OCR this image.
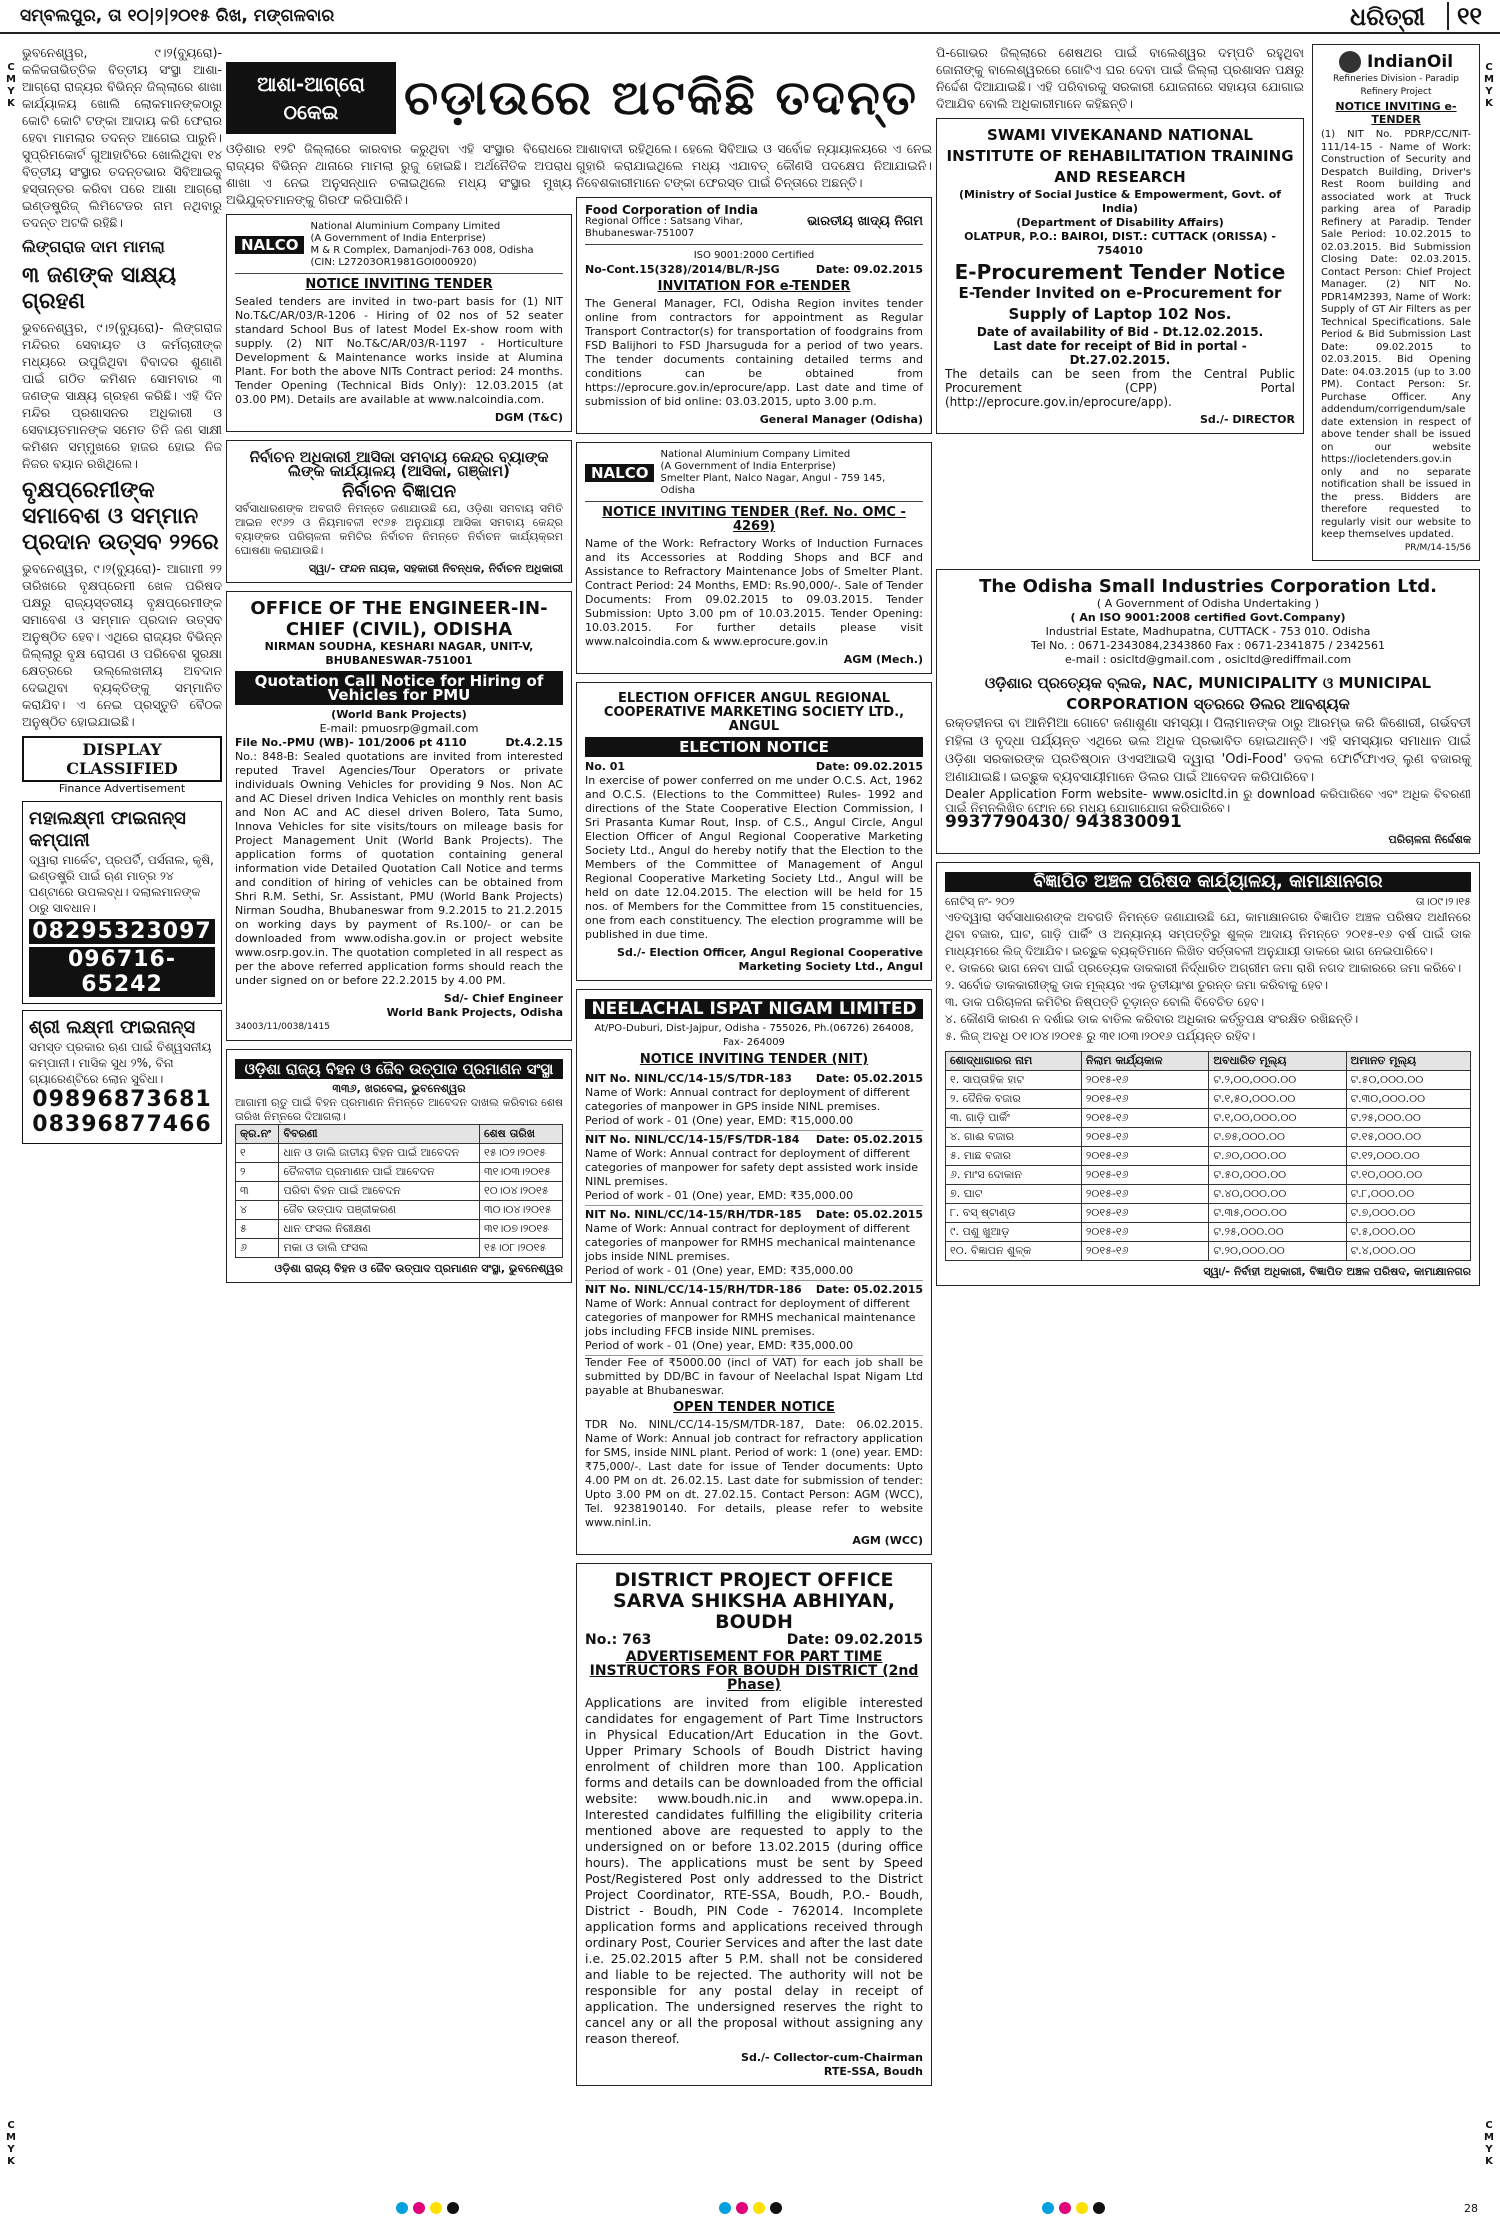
ସମ୍ବଲପୁର, ତା ୧୦|୨|୨୦୧୫ ରିଖ, ମଙ୍ଗଳବାର	ଧରିତ୍ରୀ	୧୧
C
M
Y
K
C
M
Y
K
C
M
Y
K
C
M
Y
K
ଆଶା-ଆଗ୍ରୋ
ଠକେଇ ଚଡ଼ାଉରେ ଅଟକିଛି ତଦନ୍ତ

ଭୁବନେଶ୍ୱର, ୯।୨(ବ୍ୟୁରୋ)- କଳିକତାଭିତ୍ତିକ ବିତ୍ତୀୟ ସଂସ୍ଥା ଆଶା-ଆଗ୍ରୋ ରାଜ୍ୟର ବିଭିନ୍ନ ଜିଲ୍ଲାରେ ଶାଖା କାର୍ଯ୍ୟାଳୟ ଖୋଲି ଲୋକମାନଙ୍କଠାରୁ କୋଟି କୋଟି ଟଙ୍କା ଆଦାୟ କରି ଫେରାର ହେବା ମାମଲାର ତଦନ୍ତ ଆଗେଇ ପାରୁନି। ସୁପ୍ରିମକୋର୍ଟ ଗୁଆହାଟିରେ ଖୋଲିଥିବା ୧୪ ବିତ୍ତୀୟ ସଂସ୍ଥାର ତଦନ୍ତଭାର ସିବିଆଇକୁ ହସ୍ତାନ୍ତର କରିବା ପରେ ଆଶା ଆଗ୍ରୋ ଇଣ୍ଡଷ୍ଟ୍ରିଜ୍ ଲିମିଟେଡର ନାମ ନଥିବାରୁ ତଦନ୍ତ ଅଟକି ରହିଛି।

ଲିଙ୍ଗରାଜ ଦାମ ମାମଲା
୩ ଜଣଙ୍କ ସାକ୍ଷ୍ୟ ଗ୍ରହଣ

ଭୁବନେଶ୍ୱର, ୯।୨(ବ୍ୟୁରୋ)- ଲିଙ୍ଗରାଜ ମନ୍ଦିରର ସେବାୟତ ଓ କର୍ମଚାରୀଙ୍କ ମଧ୍ୟରେ ଉପୁଜିଥିବା ବିବାଦର ଶୁଣାଣି ପାଇଁ ଗଠିତ କମିଶନ ସୋମବାର ୩ ଜଣଙ୍କ ସାକ୍ଷ୍ୟ ଗ୍ରହଣ କରିଛି। ଏହି ଦିନ ମନ୍ଦିର ପ୍ରଶାସନର ଅଧିକାରୀ ଓ ସେବାୟତମାନଙ୍କ ସମେତ ତିନି ଜଣ ସାକ୍ଷୀ କମିଶନ ସମ୍ମୁଖରେ ହାଜର ହୋଇ ନିଜ ନିଜର ବୟାନ ରଖିଥିଲେ।

ବୃକ୍ଷପ୍ରେମୀଙ୍କ ସମାବେଶ ଓ ସମ୍ମାନ ପ୍ରଦାନ ଉତ୍ସବ ୨୨ରେ

ଭୁବନେଶ୍ୱର, ୯।୨(ବ୍ୟୁରୋ)- ଆଗାମୀ ୨୨ ତାରିଖରେ ବୃକ୍ଷପ୍ରେମୀ ଖେଳ ପରିଷଦ ପକ୍ଷରୁ ରାଜ୍ୟସ୍ତରୀୟ ବୃକ୍ଷପ୍ରେମୀଙ୍କ ସମାବେଶ ଓ ସମ୍ମାନ ପ୍ରଦାନ ଉତ୍ସବ ଅନୁଷ୍ଠିତ ହେବ। ଏଥିରେ ରାଜ୍ୟର ବିଭିନ୍ନ ଜିଲ୍ଲାରୁ ବୃକ୍ଷ ରୋପଣ ଓ ପରିବେଶ ସୁରକ୍ଷା କ୍ଷେତ୍ରରେ ଉଲ୍ଲେଖନୀୟ ଅବଦାନ ଦେଇଥିବା ବ୍ୟକ୍ତିଙ୍କୁ ସମ୍ମାନିତ କରାଯିବ। ଏ ନେଇ ପ୍ରସ୍ତୁତି ବୈଠକ ଅନୁଷ୍ଠିତ ହୋଇଯାଇଛି।

DISPLAY CLASSIFIED
Finance Advertisement
ମହାଲକ୍ଷ୍ମୀ ଫାଇନାନ୍ସ କମ୍ପାନୀ
ଦ୍ୱାରା ମାର୍କେଟ, ପ୍ରପର୍ଟି, ପର୍ସନାଲ, କୃଷି, ଇଣ୍ଡଷ୍ଟ୍ରି ପାଇଁ ଋଣ ମାତ୍ର ୨୪ ଘଣ୍ଟାରେ ଉପଲବ୍ଧ। ଦଲାଲମାନଙ୍କ ଠାରୁ ସାବଧାନ।
08295323097
096716-65242
ଶ୍ରୀ ଲକ୍ଷ୍ମୀ ଫାଇନାନ୍ସ
ସମସ୍ତ ପ୍ରକାର ଋଣ ପାଇଁ ବିଶ୍ୱସନୀୟ କମ୍ପାନୀ। ମାସିକ ସୁଧ ୨%, ବିନା ଗ୍ୟାରେଣ୍ଟିରେ ଲୋନ ସୁବିଧା।
09896873681
08396877466

ଓଡ଼ିଶାର ୧୨ଟି ଜିଲ୍ଲାରେ କାରବାର କରୁଥିବା ଏହି ସଂସ୍ଥାର ବିରୋଧରେ ରାଜ୍ୟର ବିଭିନ୍ନ ଥାନାରେ ମାମଲା ରୁଜୁ ହୋଇଛି। ଅର୍ଥନୈତିକ ଅପରାଧ ଶାଖା ଏ ନେଇ ଅନୁସନ୍ଧାନ ଚଳାଇଥିଲେ ମଧ୍ୟ ସଂସ୍ଥାର ମୁଖ୍ୟ ଅଭିଯୁକ୍ତମାନଙ୍କୁ ଗିରଫ କରିପାରିନି।

NALCO
National Aluminium Company Limited
(A Government of India Enterprise)
M & R Complex, Damanjodi-763 008, Odisha
(CIN: L27203OR1981GOI000920)
NOTICE INVITING TENDER
Sealed tenders are invited in two-part basis for (1) NIT No.T&C/AR/03/R-1206 - Hiring of 02 nos of 52 seater standard School Bus of latest Model Ex-show room with supply. (2) NIT No.T&C/AR/03/R-1197 - Horticulture Development & Maintenance works inside at Alumina Plant. For both the above NITs Contract period: 24 months. Tender Opening (Technical Bids Only): 12.03.2015 (at 03.00 PM). Details are available at www.nalcoindia.com.
DGM (T&C)
ନିର୍ବାଚନ ଅଧିକାରୀ ଆସିକା ସମବାୟ କେନ୍ଦ୍ର ବ୍ୟାଙ୍କ ଲିଙ୍କ କାର୍ଯ୍ୟାଳୟ (ଆସିକା, ଗଞ୍ଜାମ)
ନିର୍ବାଚନ ବିଜ୍ଞାପନ
ସର୍ବସାଧାରଣଙ୍କ ଅବଗତି ନିମନ୍ତେ ଜଣାଯାଉଛି ଯେ, ଓଡ଼ିଶା ସମବାୟ ସମିତି ଆଇନ ୧୯୬୨ ଓ ନିୟମାବଳୀ ୧୯୬୫ ଅନୁଯାୟୀ ଆସିକା ସମବାୟ କେନ୍ଦ୍ର ବ୍ୟାଙ୍କର ପରିଚାଳନା କମିଟିର ନିର୍ବାଚନ ନିମନ୍ତେ ନିର୍ବାଚନ କାର୍ଯ୍ୟକ୍ରମ ଘୋଷଣା କରାଯାଉଛି।
ସ୍ୱା/- ଫନ୍ଦନ ନାୟକ, ସହକାରୀ ନିବନ୍ଧକ, ନିର୍ବାଚନ ଅଧିକାରୀ
OFFICE OF THE ENGINEER-IN-CHIEF (CIVIL), ODISHA
NIRMAN SOUDHA, KESHARI NAGAR, UNIT-V, BHUBANESWAR-751001
Quotation Call Notice for Hiring of Vehicles for PMU
(World Bank Projects)
E-mail: pmuosrp@gmail.com
File No.-PMU (WB)- 101/2006 pt 4110	Dt.4.2.15
No.: 848-B: Sealed quotations are invited from interested reputed Travel Agencies/Tour Operators or private individuals Owning Vehicles for providing 9 Nos. Non AC and AC Diesel driven Indica Vehicles on monthly rent basis and Non AC and AC diesel driven Bolero, Tata Sumo, Innova Vehicles for site visits/tours on mileage basis for Project Management Unit (World Bank Projects). The application forms of quotation containing general information vide Detailed Quotation Call Notice and terms and condition of hiring of vehicles can be obtained from Shri R.M. Sethi, Sr. Assistant, PMU (World Bank Projects) Nirman Soudha, Bhubaneswar from 9.2.2015 to 21.2.2015 on working days by payment of Rs.100/- or can be downloaded from www.odisha.gov.in or project website www.osrp.gov.in. The quotation completed in all respect as per the above referred application forms should reach the under signed on or before 22.2.2015 by 4.00 PM.
Sd/- Chief Engineer
World Bank Projects, Odisha
34003/11/0038/1415
ଓଡ଼ିଶା ରାଜ୍ୟ ବିହନ ଓ ଜୈବ ଉତ୍ପାଦ ପ୍ରମାଣନ ସଂସ୍ଥା
୩୩୬, ଖରବେଳା, ଭୁବନେଶ୍ୱର
ଆଗାମୀ ଋତୁ ପାଇଁ ବିହନ ପ୍ରମାଣନ ନିମନ୍ତେ ଆବେଦନ ଦାଖଲ କରିବାର ଶେଷ ତାରିଖ ନିମ୍ନରେ ଦିଆଗଲା।
କ୍ର.ନଂ	ବିବରଣୀ	ଶେଷ ତାରିଖ
୧	ଧାନ ଓ ଡାଲି ଜାତୀୟ ବିହନ ପାଇଁ ଆବେଦନ	୧୫।୦୨।୨୦୧୫
୨	ତୈଳବୀଜ ପ୍ରମାଣନ ପାଇଁ ଆବେଦନ	୩୧।୦୩।୨୦୧୫
୩	ପରିବା ବିହନ ପାଇଁ ଆବେଦନ	୧୦।୦୪।୨୦୧୫
୪	ଜୈବ ଉତ୍ପାଦ ପଞ୍ଜୀକରଣ	୩୦।୦୪।୨୦୧୫
୫	ଧାନ ଫସଲ ନିରୀକ୍ଷଣ	୩୧।୦୭।୨୦୧୫
୬	ମକା ଓ ଡାଲି ଫସଲ	୧୫।୦୮।୨୦୧୫
ଓଡ଼ିଶା ରାଜ୍ୟ ବିହନ ଓ ଜୈବ ଉତ୍ପାଦ ପ୍ରମାଣନ ସଂସ୍ଥା, ଭୁବନେଶ୍ୱର

ଆଶାବାଦୀ ରହିଥିଲେ। ହେଲେ ସିବିଆଇ ଓ ସର୍ବୋଚ୍ଚ ନ୍ୟାୟାଳୟରେ ଏ ନେଇ ଗୁହାରି କରାଯାଇଥିଲେ ମଧ୍ୟ ଏଯାବତ୍ କୌଣସି ପଦକ୍ଷେପ ନିଆଯାଇନି। ନିବେଶକାରୀମାନେ ଟଙ୍କା ଫେରସ୍ତ ପାଇଁ ଚିନ୍ତାରେ ଅଛନ୍ତି।

Food Corporation of India
Regional Office : Satsang Vihar, Bhubaneswar-751007
ଭାରତୀୟ ଖାଦ୍ୟ ନିଗମ
ISO 9001:2000 Certified
No-Cont.15(328)/2014/BL/R-JSG	Date: 09.02.2015
INVITATION FOR e-TENDER
The General Manager, FCI, Odisha Region invites tender online from contractors for appointment as Regular Transport Contractor(s) for transportation of foodgrains from FSD Balijhori to FSD Jharsuguda for a period of two years. The tender documents containing detailed terms and conditions can be obtained from https://eprocure.gov.in/eprocure/app. Last date and time of submission of bid online: 03.03.2015, upto 3.00 p.m.
General Manager (Odisha)
NALCO
National Aluminium Company Limited
(A Government of India Enterprise)
Smelter Plant, Nalco Nagar, Angul - 759 145, Odisha
NOTICE INVITING TENDER (Ref. No. OMC - 4269)
Name of the Work: Refractory Works of Induction Furnaces and its Accessories at Rodding Shops and BCF and Assistance to Refractory Maintenance Jobs of Smelter Plant. Contract Period: 24 Months, EMD: Rs.90,000/-. Sale of Tender Documents: From 09.02.2015 to 09.03.2015. Tender Submission: Upto 3.00 pm of 10.03.2015. Tender Opening: 10.03.2015. For further details please visit www.nalcoindia.com & www.eprocure.gov.in
AGM (Mech.)
ELECTION OFFICER ANGUL REGIONAL COOPERATIVE MARKETING SOCIETY LTD., ANGUL
ELECTION NOTICE
No. 01	Date: 09.02.2015
In exercise of power conferred on me under O.C.S. Act, 1962 and O.C.S. (Elections to the Committee) Rules- 1992 and directions of the State Cooperative Election Commission, I Sri Prasanta Kumar Rout, Insp. of C.S., Angul Circle, Angul Election Officer of Angul Regional Cooperative Marketing Society Ltd., Angul do hereby notify that the Election to the Members of the Committee of Management of Angul Regional Cooperative Marketing Society Ltd., Angul will be held on date 12.04.2015. The election will be held for 15 nos. of Members for the Committee from 15 constituencies, one from each constituency. The election programme will be published in due time.
Sd./- Election Officer, Angul Regional Cooperative Marketing Society Ltd., Angul
NEELACHAL ISPAT NIGAM LIMITED
At/PO-Duburi, Dist-Jajpur, Odisha - 755026, Ph.(06726) 264008, Fax- 264009
NOTICE INVITING TENDER (NIT)
NIT No. NINL/CC/14-15/S/TDR-183 Date: 05.02.2015
Name of Work: Annual contract for deployment of different categories of manpower in GPS inside NINL premises.
Period of work - 01 (One) year, EMD: ₹15,000.00
NIT No. NINL/CC/14-15/FS/TDR-184 Date: 05.02.2015
Name of Work: Annual contract for deployment of different categories of manpower for safety dept assisted work inside NINL premises.
Period of work - 01 (One) year, EMD: ₹35,000.00
NIT No. NINL/CC/14-15/RH/TDR-185 Date: 05.02.2015
Name of Work: Annual contract for deployment of different categories of manpower for RMHS mechanical maintenance jobs inside NINL premises.
Period of work - 01 (One) year, EMD: ₹35,000.00
NIT No. NINL/CC/14-15/RH/TDR-186 Date: 05.02.2015
Name of Work: Annual contract for deployment of different categories of manpower for RMHS mechanical maintenance jobs including FFCB inside NINL premises.
Period of work - 01 (One) year, EMD: ₹35,000.00
Tender Fee of ₹5000.00 (incl of VAT) for each job shall be submitted by DD/BC in favour of Neelachal Ispat Nigam Ltd payable at Bhubaneswar.
OPEN TENDER NOTICE
TDR No. NINL/CC/14-15/SM/TDR-187, Date: 06.02.2015. Name of Work: Annual job contract for refractory application for SMS, inside NINL plant. Period of work: 1 (one) year. EMD: ₹75,000/-. Last date for issue of Tender documents: Upto 4.00 PM on dt. 26.02.15. Last date for submission of tender: Upto 3.00 PM on dt. 27.02.15. Contact Person: AGM (WCC), Tel. 9238190140. For details, please refer to website www.ninl.in.
AGM (WCC)
DISTRICT PROJECT OFFICE SARVA SHIKSHA ABHIYAN, BOUDH
No.: 763	Date: 09.02.2015
ADVERTISEMENT FOR PART TIME INSTRUCTORS FOR BOUDH DISTRICT (2nd Phase)
Applications are invited from eligible interested candidates for engagement of Part Time Instructors in Physical Education/Art Education in the Govt. Upper Primary Schools of Boudh District having enrolment of children more than 100. Application forms and details can be downloaded from the official website: www.boudh.nic.in and www.opepa.in. Interested candidates fulfilling the eligibility criteria mentioned above are requested to apply to the undersigned on or before 13.02.2015 (during office hours). The applications must be sent by Speed Post/Registered Post only addressed to the District Project Coordinator, RTE-SSA, Boudh, P.O.- Boudh, District - Boudh, PIN Code - 762014. Incomplete application forms and applications received through ordinary Post, Courier Services and after the last date i.e. 25.02.2015 after 5 P.M. shall not be considered and liable to be rejected. The authority will not be responsible for any postal delay in receipt of application. The undersigned reserves the right to cancel any or all the proposal without assigning any reason thereof.
Sd./- Collector-cum-Chairman
RTE-SSA, Boudh

ପି-ଗୋଭର ଜିଲ୍ଲାରେ ଶେଷଥର ପାଇଁ ବାଲେଶ୍ୱର ଦମ୍ପତି ରହୁଥିବା ଜୋନାଙ୍କୁ ବାଲେଶ୍ୱରରେ ଗୋଟିଏ ଘର ଦେବା ପାଇଁ ଜିଲ୍ଲା ପ୍ରଶାସନ ପକ୍ଷରୁ ନିର୍ଦ୍ଦେଶ ଦିଆଯାଇଛି। ଏହି ପରିବାରକୁ ସରକାରୀ ଯୋଜନାରେ ସହାୟତା ଯୋଗାଇ ଦିଆଯିବ ବୋଲି ଅଧିକାରୀମାନେ କହିଛନ୍ତି।

SWAMI VIVEKANAND NATIONAL INSTITUTE OF REHABILITATION TRAINING AND RESEARCH
(Ministry of Social Justice & Empowerment, Govt. of India)
(Department of Disability Affairs)
OLATPUR, P.O.: BAIROI, DIST.: CUTTACK (ORISSA) - 754010
E-Procurement Tender Notice
E-Tender Invited on e-Procurement for Supply of Laptop 102 Nos.
Date of availability of Bid - Dt.12.02.2015.
Last date for receipt of Bid in portal - Dt.27.02.2015.
The details can be seen from the Central Public Procurement (CPP) Portal (http://eprocure.gov.in/eprocure/app).
Sd./- DIRECTOR
IndianOil
Refineries Division - Paradip Refinery Project
NOTICE INVITING e-TENDER
(1) NIT No. PDRP/CC/NIT-111/14-15 - Name of Work: Construction of Security and Despatch Building, Driver's Rest Room building and associated work at Truck parking area of Paradip Refinery at Paradip. Tender Sale Period: 10.02.2015 to 02.03.2015. Bid Submission Closing Date: 02.03.2015. Contact Person: Chief Project Manager. (2) NIT No. PDR14M2393, Name of Work: Supply of GT Air Filters as per Technical Specifications. Sale Period & Bid Submission Last Date: 09.02.2015 to 02.03.2015. Bid Opening Date: 04.03.2015 (up to 3.00 PM). Contact Person: Sr. Purchase Officer. Any addendum/corrigendum/sale date extension in respect of above tender shall be issued on our website https://iocletenders.gov.in only and no separate notification shall be issued in the press. Bidders are therefore requested to regularly visit our website to keep themselves updated.
PR/M/14-15/56
The Odisha Small Industries Corporation Ltd.
( A Government of Odisha Undertaking )
( An ISO 9001:2008 certified Govt.Company)
Industrial Estate, Madhupatna, CUTTACK - 753 010. Odisha
Tel No. : 0671-2343084,2343860 Fax : 0671-2341875 / 2342561
e-mail : osicltd@gmail.com , osicltd@rediffmail.com
ଓଡ଼ିଶାର ପ୍ରତ୍ୟେକ ବ୍ଲକ, NAC, MUNICIPALITY ଓ MUNICIPAL CORPORATION ସ୍ତରରେ ଡିଲର ଆବଶ୍ୟକ
ରକ୍ତହୀନତା ବା ଆନିମିଆ ଗୋଟେ ଜଣାଶୁଣା ସମସ୍ୟା। ପିଲାମାନଙ୍କ ଠାରୁ ଆରମ୍ଭ କରି କିଶୋରୀ, ଗର୍ଭବତୀ ମହିଳା ଓ ବୃଦ୍ଧା ପର୍ଯ୍ୟନ୍ତ ଏଥିରେ ଭଲ ଅଧିକ ପ୍ରଭାବିତ ହୋଇଥାନ୍ତି। ଏହି ସମସ୍ୟାର ସମାଧାନ ପାଇଁ ଓଡ଼ିଶା ସରକାରଙ୍କ ପ୍ରତିଷ୍ଠାନ ଓଏସଆଇସି ଦ୍ୱାରା 'Odi-Food' ଡବଲ ଫୋର୍ଟିଫାଏଡ୍ ଲୁଣ ବଜାରକୁ ଅଣାଯାଇଛି। ଇଚ୍ଛୁକ ବ୍ୟବସାୟୀମାନେ ଡିଲର ପାଇଁ ଆବେଦନ କରିପାରିବେ।
Dealer Application Form website- www.osicltd.in ରୁ download କରିପାରିବେ ଏବଂ ଅଧିକ ବିବରଣୀ ପାଇଁ ନିମ୍ନଲିଖିତ ଫୋନ ରେ ମଧ୍ୟ ଯୋଗାଯୋଗ କରିପାରିବେ।
9937790430/ 943830091
ପରିଚାଳନା ନିର୍ଦ୍ଦେଶକ
ବିଜ୍ଞାପିତ ଅଞ୍ଚଳ ପରିଷଦ କାର୍ଯ୍ୟାଳୟ, କାମାକ୍ଷାନଗର
ନୋଟିସ୍ ନଂ- ୨୦୨	ତା।୦୯।୨।୧୫
ଏତଦ୍ୱାରା ସର୍ବସାଧାରଣଙ୍କ ଅବଗତି ନିମନ୍ତେ ଜଣାଯାଉଛି ଯେ, କାମାକ୍ଷାନଗର ବିଜ୍ଞାପିତ ଅଞ୍ଚଳ ପରିଷଦ ଅଧୀନରେ ଥିବା ବଜାର, ଘାଟ, ଗାଡ଼ି ପାର୍କିଂ ଓ ଅନ୍ୟାନ୍ୟ ସମ୍ପତ୍ତିରୁ ଶୁଳ୍କ ଆଦାୟ ନିମନ୍ତେ ୨୦୧୫-୧୬ ବର୍ଷ ପାଇଁ ଡାକ ମାଧ୍ୟମରେ ଲିଜ୍ ଦିଆଯିବ। ଇଚ୍ଛୁକ ବ୍ୟକ୍ତିମାନେ ଲିଖିତ ସର୍ତ୍ତାବଳୀ ଅନୁଯାୟୀ ଡାକରେ ଭାଗ ନେଇପାରିବେ।
୧. ଡାକରେ ଭାଗ ନେବା ପାଇଁ ପ୍ରତ୍ୟେକ ଡାକକାରୀ ନିର୍ଦ୍ଧାରିତ ଅଗ୍ରୀମ ଜମା ରାଶି ନଗଦ ଆକାରରେ ଜମା କରିବେ।
୨. ସର୍ବୋଚ୍ଚ ଡାକକାରୀଙ୍କୁ ଡାକ ମୂଲ୍ୟର ଏକ ତୃତୀୟାଂଶ ତୁରନ୍ତ ଜମା କରିବାକୁ ହେବ।
୩. ଡାକ ପରିଚାଳନା କମିଟିର ନିଷ୍ପତ୍ତି ଚୂଡ଼ାନ୍ତ ବୋଲି ବିବେଚିତ ହେବ।
୪. କୌଣସି କାରଣ ନ ଦର୍ଶାଇ ଡାକ ବାତିଲ କରିବାର ଅଧିକାର କର୍ତ୍ତୃପକ୍ଷ ସଂରକ୍ଷିତ ରଖିଛନ୍ତି।
୫. ଲିଜ୍ ଅବଧି ୦୧।୦୪।୨୦୧୫ ରୁ ୩୧।୦୩।୨୦୧୬ ପର୍ଯ୍ୟନ୍ତ ରହିବ।
ଶୋଦ୍ଧାଗାରର ନାମ	ନିଲାମ କାର୍ଯ୍ୟକାଳ	ଅବଧାରିତ ମୂଲ୍ୟ	ଅମାନତ ମୂଲ୍ୟ
୧. ସାପ୍ତାହିକ ହାଟ	୨୦୧୫-୧୬	ଟ.୨,୦୦,୦୦୦.୦୦	ଟ.୫୦,୦୦୦.୦୦
୨. ଦୈନିକ ବଜାର	୨୦୧୫-୧୬	ଟ.୧,୫୦,୦୦୦.୦୦	ଟ.୩୦,୦୦୦.୦୦
୩. ଗାଡ଼ି ପାର୍କିଂ	୨୦୧୫-୧୬	ଟ.୧,୦୦,୦୦୦.୦୦	ଟ.୨୫,୦୦୦.୦୦
୪. ଗାଈ ବଜାର	୨୦୧୫-୧୬	ଟ.୭୫,୦୦୦.୦୦	ଟ.୧୫,୦୦୦.୦୦
୫. ମାଛ ବଜାର	୨୦୧୫-୧୬	ଟ.୬୦,୦୦୦.୦୦	ଟ.୧୨,୦୦୦.୦୦
୬. ମାଂସ ଦୋକାନ	୨୦୧୫-୧୬	ଟ.୫୦,୦୦୦.୦୦	ଟ.୧୦,୦୦୦.୦୦
୭. ଘାଟ	୨୦୧୫-୧୬	ଟ.୪୦,୦୦୦.୦୦	ଟ.୮,୦୦୦.୦୦
୮. ବସ୍ ଷ୍ଟାଣ୍ଡ	୨୦୧୫-୧୬	ଟ.୩୫,୦୦୦.୦୦	ଟ.୭,୦୦୦.୦୦
୯. ପଶୁ ଖୁଆଡ଼	୨୦୧୫-୧୬	ଟ.୨୫,୦୦୦.୦୦	ଟ.୫,୦୦୦.୦୦
୧୦. ବିଜ୍ଞାପନ ଶୁଳ୍କ	୨୦୧୫-୧୬	ଟ.୨୦,୦୦୦.୦୦	ଟ.୪,୦୦୦.୦୦
ସ୍ୱା/- ନିର୍ବାହୀ ଅଧିକାରୀ, ବିଜ୍ଞାପିତ ଅଞ୍ଚଳ ପରିଷଦ, କାମାକ୍ଷାନଗର
28
